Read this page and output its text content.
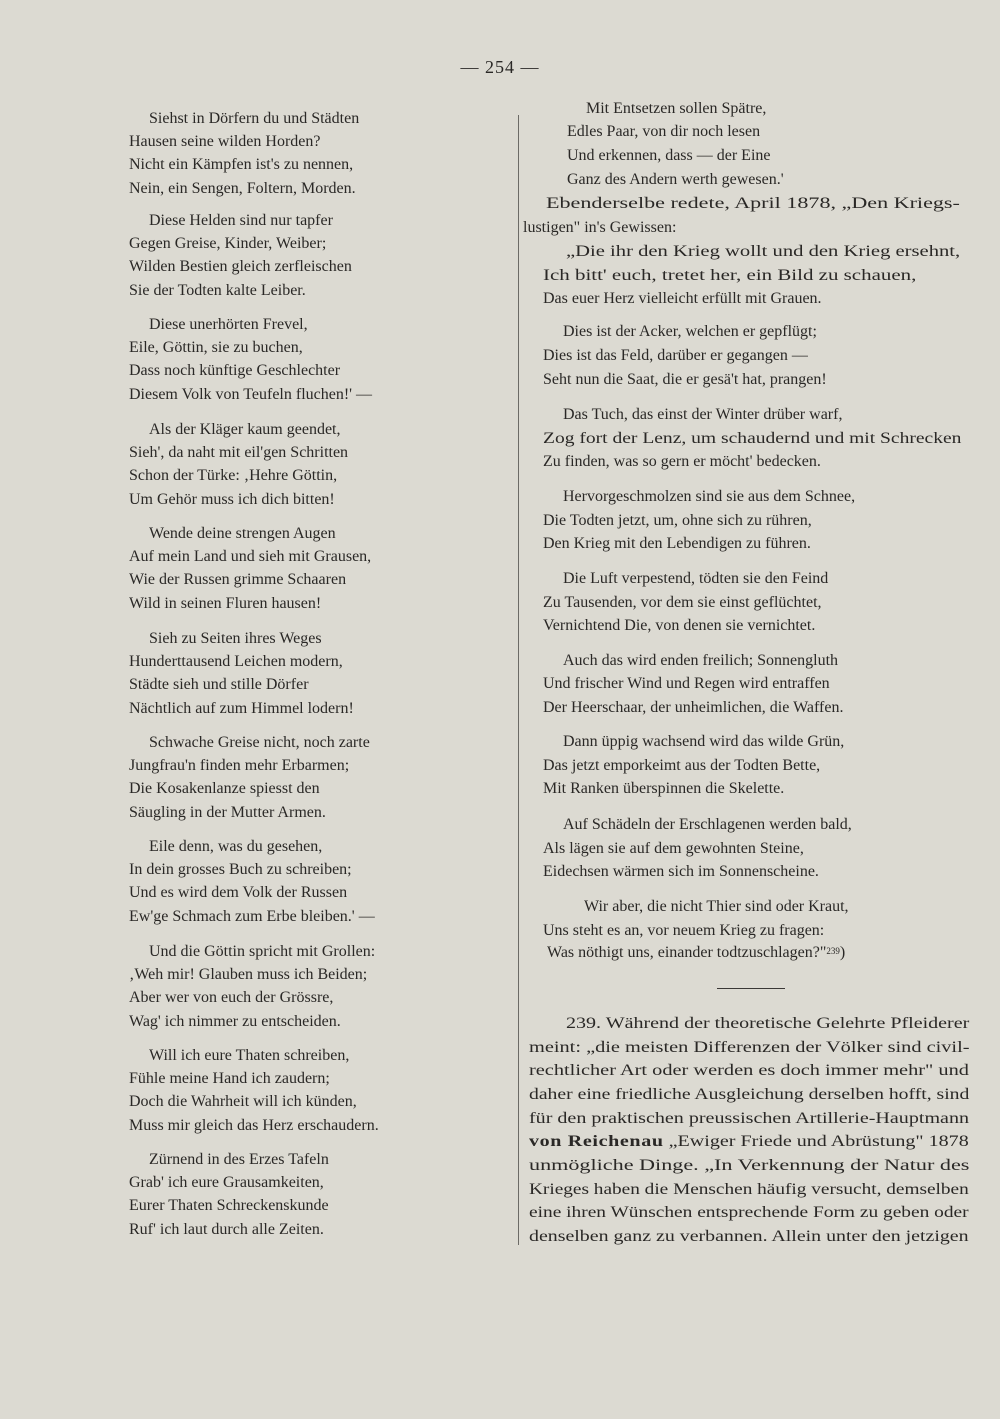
— 254 —
Siehst in Dörfern du und Städten
Hausen seine wilden Horden?
Nicht ein Kämpfen ist's zu nennen,
Nein, ein Sengen, Foltern, Morden.
Diese Helden sind nur tapfer
Gegen Greise, Kinder, Weiber;
Wilden Bestien gleich zerfleischen
Sie der Todten kalte Leiber.
Diese unerhörten Frevel,
Eile, Göttin, sie zu buchen,
Dass noch künftige Geschlechter
Diesem Volk von Teufeln fluchen!' —
Als der Kläger kaum geendet,
Sieh', da naht mit eil'gen Schritten
Schon der Türke: ‚Hehre Göttin,
Um Gehör muss ich dich bitten!
Wende deine strengen Augen
Auf mein Land und sieh mit Grausen,
Wie der Russen grimme Schaaren
Wild in seinen Fluren hausen!
Sieh zu Seiten ihres Weges
Hunderttausend Leichen modern,
Städte sieh und stille Dörfer
Nächtlich auf zum Himmel lodern!
Schwache Greise nicht, noch zarte
Jungfrau'n finden mehr Erbarmen;
Die Kosakenlanze spiesst den
Säugling in der Mutter Armen.
Eile denn, was du gesehen,
In dein grosses Buch zu schreiben;
Und es wird dem Volk der Russen
Ew'ge Schmach zum Erbe bleiben.' —
Und die Göttin spricht mit Grollen:
‚Weh mir! Glauben muss ich Beiden;
Aber wer von euch der Grössre,
Wag' ich nimmer zu entscheiden.
Will ich eure Thaten schreiben,
Fühle meine Hand ich zaudern;
Doch die Wahrheit will ich künden,
Muss mir gleich das Herz erschaudern.
Zürnend in des Erzes Tafeln
Grab' ich eure Grausamkeiten,
Eurer Thaten Schreckenskunde
Ruf' ich laut durch alle Zeiten.
Mit Entsetzen sollen Spätre,
Edles Paar, von dir noch lesen
Und erkennen, dass — der Eine
Ganz des Andern werth gewesen.'
Ebenderselbe redete, April 1878, „Den Kriegs-
lustigen" in's Gewissen:
„Die ihr den Krieg wollt und den Krieg ersehnt,
Ich bitt' euch, tretet her, ein Bild zu schauen,
Das euer Herz vielleicht erfüllt mit Grauen.
Dies ist der Acker, welchen er gepflügt;
Dies ist das Feld, darüber er gegangen —
Seht nun die Saat, die er gesä't hat, prangen!
Das Tuch, das einst der Winter drüber warf,
Zog fort der Lenz, um schaudernd und mit Schrecken
Zu finden, was so gern er möcht' bedecken.
Hervorgeschmolzen sind sie aus dem Schnee,
Die Todten jetzt, um, ohne sich zu rühren,
Den Krieg mit den Lebendigen zu führen.
Die Luft verpestend, tödten sie den Feind
Zu Tausenden, vor dem sie einst geflüchtet,
Vernichtend Die, von denen sie vernichtet.
Auch das wird enden freilich; Sonnengluth
Und frischer Wind und Regen wird entraffen
Der Heerschaar, der unheimlichen, die Waffen.
Dann üppig wachsend wird das wilde Grün,
Das jetzt emporkeimt aus der Todten Bette,
Mit Ranken überspinnen die Skelette.
Auf Schädeln der Erschlagenen werden bald,
Als lägen sie auf dem gewohnten Steine,
Eidechsen wärmen sich im Sonnenscheine.
Wir aber, die nicht Thier sind oder Kraut,
Uns steht es an, vor neuem Krieg zu fragen:
Was nöthigt uns, einander todtzuschlagen?"$^{239}$)
239. Während der theoretische Gelehrte Pfleiderer
meint: „die meisten Differenzen der Völker sind civil-
rechtlicher Art oder werden es doch immer mehr" und
daher eine friedliche Ausgleichung derselben hofft, sind
für den praktischen preussischen Artillerie-Hauptmann
von Reichenau „Ewiger Friede und Abrüstung" 1878
unmögliche Dinge. „In Verkennung der Natur des
Krieges haben die Menschen häufig versucht, demselben
eine ihren Wünschen entsprechende Form zu geben oder
denselben ganz zu verbannen. Allein unter den jetzigen
